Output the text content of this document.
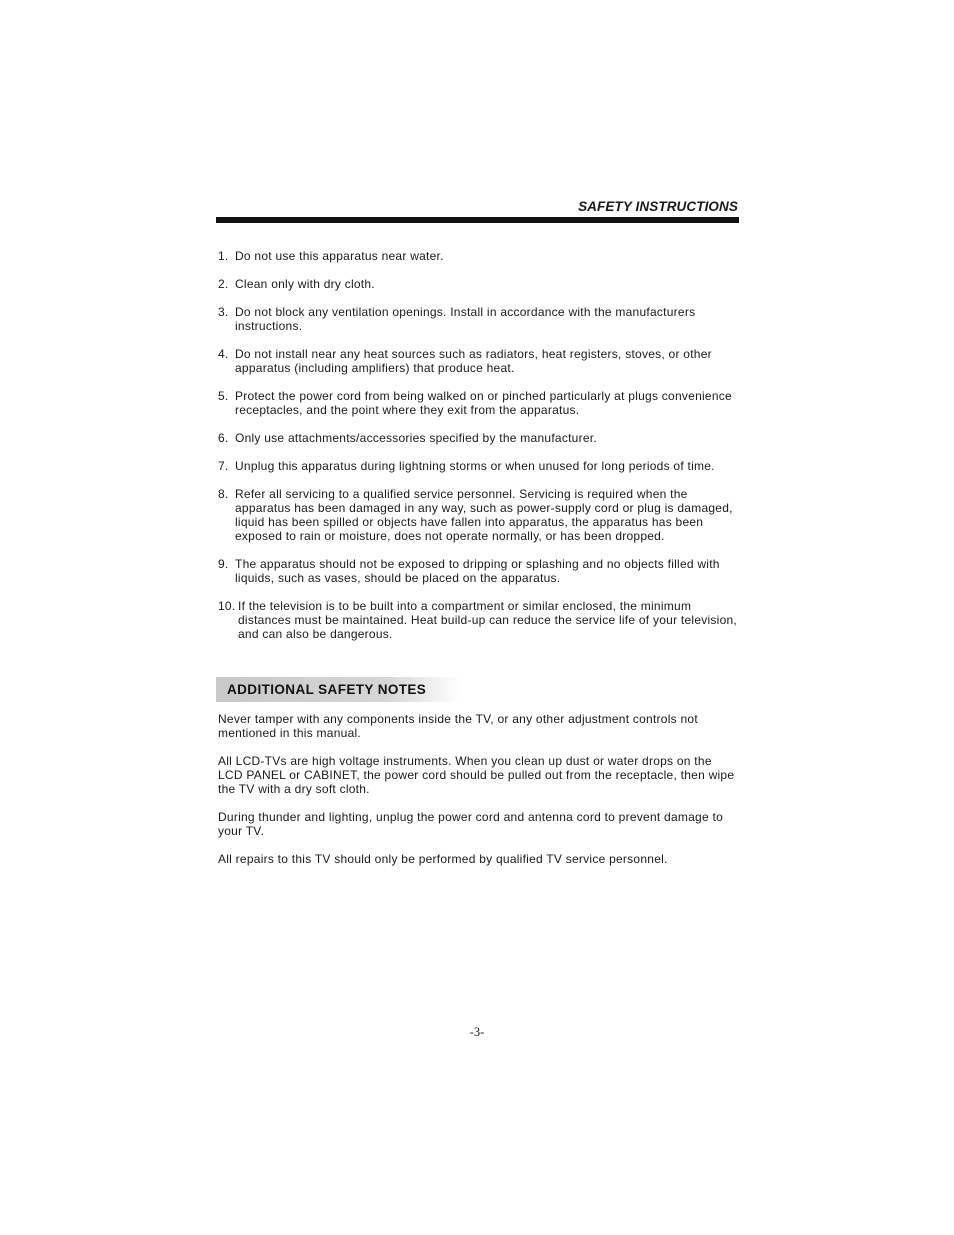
SAFETY INSTRUCTIONS
1. Do not use this apparatus near water.
2. Clean only with dry cloth.
3. Do not block any ventilation openings. Install in accordance with the manufacturers instructions.
4. Do not install near any heat sources such as radiators, heat registers, stoves, or other apparatus (including amplifiers) that produce heat.
5. Protect the power cord from being walked on or pinched particularly at plugs convenience receptacles, and the point where they exit from the apparatus.
6. Only use attachments/accessories specified by the manufacturer.
7. Unplug this apparatus during lightning storms or when unused for long periods of time.
8. Refer all servicing to a qualified service personnel. Servicing is required when the apparatus has been damaged in any way, such as power-supply cord or plug is damaged, liquid has been spilled or objects have fallen into apparatus, the apparatus has been exposed to rain or moisture, does not operate normally, or has been dropped.
9. The apparatus should not be exposed to dripping or splashing and no objects filled with liquids, such as vases, should be placed on the apparatus.
10. If the television is to be built into a compartment or similar enclosed, the minimum distances must be maintained. Heat build-up can reduce the service life of your television, and can also be dangerous.
ADDITIONAL SAFETY NOTES

Never tamper with any components inside the TV, or any other adjustment controls not mentioned in this manual.

All LCD-TVs are high voltage instruments. When you clean up dust or water drops on the LCD PANEL or CABINET, the power cord should be pulled out from the receptacle, then wipe the TV with a dry soft cloth.

During thunder and lighting, unplug the power cord and antenna cord to prevent damage to your TV.

All repairs to this TV should only be performed by qualified TV service personnel.

-3-
